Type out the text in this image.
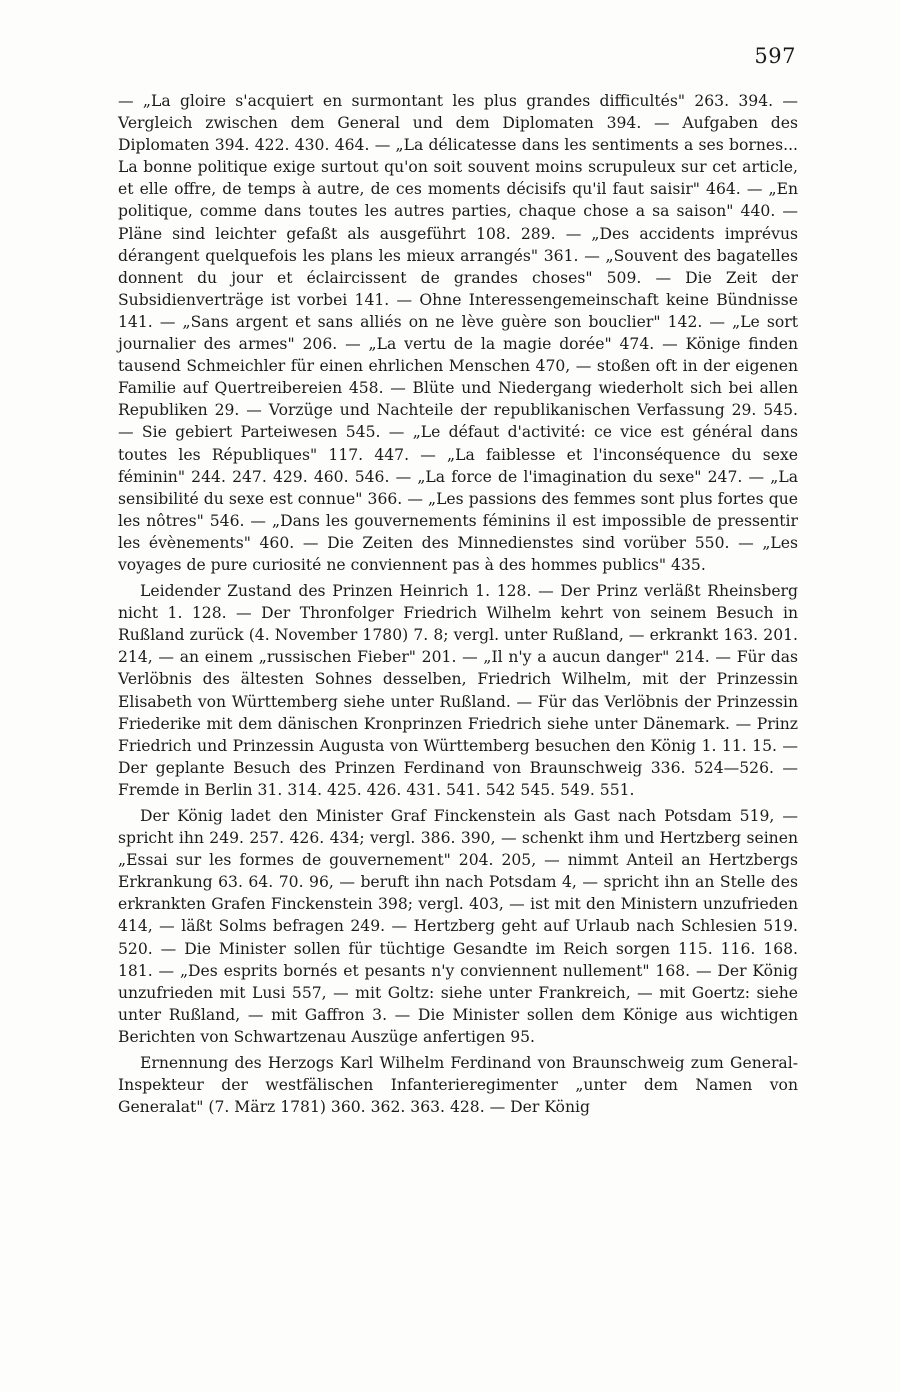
597

— „La gloire s'acquiert en surmontant les plus grandes difficultés" 263. 394. — Vergleich zwischen dem General und dem Diplomaten 394. — Aufgaben des Diplomaten 394. 422. 430. 464. — „La délicatesse dans les sentiments a ses bornes... La bonne politique exige surtout qu'on soit souvent moins scrupuleux sur cet article, et elle offre, de temps à autre, de ces moments décisifs qu'il faut saisir" 464. — „En politique, comme dans toutes les autres parties, chaque chose a sa saison" 440. — Pläne sind leichter gefaßt als ausgeführt 108. 289. — „Des accidents imprévus dérangent quelquefois les plans les mieux arrangés" 361. — „Souvent des bagatelles donnent du jour et éclaircissent de grandes choses" 509. — Die Zeit der Subsidienverträge ist vorbei 141. — Ohne Interessengemeinschaft keine Bündnisse 141. — „Sans argent et sans alliés on ne lève guère son bouclier" 142. — „Le sort journalier des armes" 206. — „La vertu de la magie dorée" 474. — Könige finden tausend Schmeichler für einen ehrlichen Menschen 470, — stoßen oft in der eigenen Familie auf Quertreibereien 458. — Blüte und Niedergang wiederholt sich bei allen Republiken 29. — Vorzüge und Nachteile der republikanischen Verfassung 29. 545. — Sie gebiert Parteiwesen 545. — „Le défaut d'activité: ce vice est général dans toutes les Républiques" 117. 447. — „La faiblesse et l'inconséquence du sexe féminin" 244. 247. 429. 460. 546. — „La force de l'imagination du sexe" 247. — „La sensibilité du sexe est connue" 366. — „Les passions des femmes sont plus fortes que les nôtres" 546. — „Dans les gouvernements féminins il est impossible de pressentir les évènements" 460. — Die Zeiten des Minnedienstes sind vorüber 550. — „Les voyages de pure curiosité ne conviennent pas à des hommes publics" 435.

Leidender Zustand des Prinzen Heinrich 1. 128. — Der Prinz verläßt Rheinsberg nicht 1. 128. — Der Thronfolger Friedrich Wilhelm kehrt von seinem Besuch in Rußland zurück (4. November 1780) 7. 8; vergl. unter Rußland, — erkrankt 163. 201. 214, — an einem „russischen Fieber" 201. — „Il n'y a aucun danger" 214. — Für das Verlöbnis des ältesten Sohnes desselben, Friedrich Wilhelm, mit der Prinzessin Elisabeth von Württemberg siehe unter Rußland. — Für das Verlöbnis der Prinzessin Friederike mit dem dänischen Kronprinzen Friedrich siehe unter Dänemark. — Prinz Friedrich und Prinzessin Augusta von Württemberg besuchen den König 1. 11. 15. — Der geplante Besuch des Prinzen Ferdinand von Braunschweig 336. 524—526. — Fremde in Berlin 31. 314. 425. 426. 431. 541. 542 545. 549. 551.

Der König ladet den Minister Graf Finckenstein als Gast nach Potsdam 519, — spricht ihn 249. 257. 426. 434; vergl. 386. 390, — schenkt ihm und Hertzberg seinen „Essai sur les formes de gouvernement" 204. 205, — nimmt Anteil an Hertzbergs Erkrankung 63. 64. 70. 96, — beruft ihn nach Potsdam 4, — spricht ihn an Stelle des erkrankten Grafen Finckenstein 398; vergl. 403, — ist mit den Ministern unzufrieden 414, — läßt Solms befragen 249. — Hertzberg geht auf Urlaub nach Schlesien 519. 520. — Die Minister sollen für tüchtige Gesandte im Reich sorgen 115. 116. 168. 181. — „Des esprits bornés et pesants n'y conviennent nullement" 168. — Der König unzufrieden mit Lusi 557, — mit Goltz: siehe unter Frankreich, — mit Goertz: siehe unter Rußland, — mit Gaffron 3. — Die Minister sollen dem Könige aus wichtigen Berichten von Schwartzenau Auszüge anfertigen 95.

Ernennung des Herzogs Karl Wilhelm Ferdinand von Braunschweig zum General-Inspekteur der westfälischen Infanterieregimenter „unter dem Namen von Generalat" (7. März 1781) 360. 362. 363. 428. — Der König
